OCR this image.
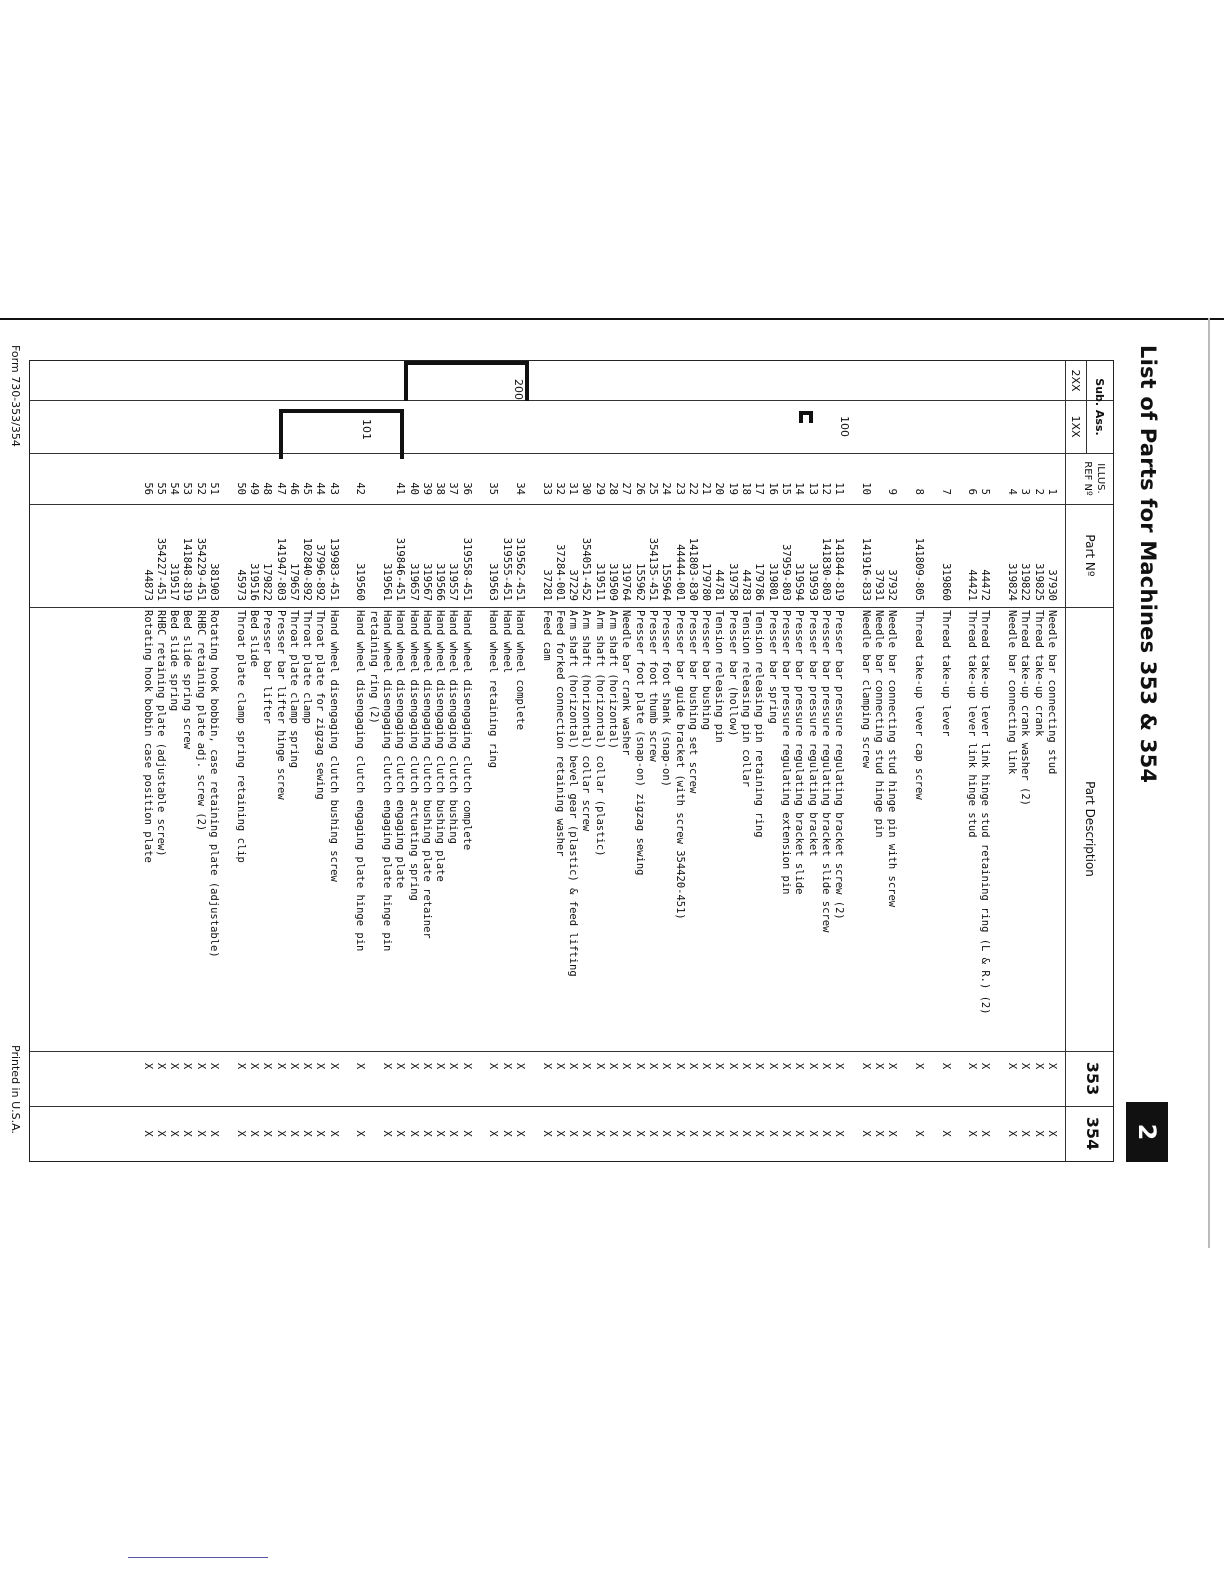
List of Parts for Machines 353 & 354
2
Sub. Ass.
2XX
1XX
ILLUS. REF Nº
Part Nº
Part Description
353
354
100
200
101
1
37930
Needle bar connecting stud
X
X
2
319825
Thread take-up crank
X
X
3
319822
Thread take-up crank washer (2)
X
X
4
319824
Needle bar connecting link
X
X
5
44472
Thread take-up lever link hinge stud retaining ring (L & R.) (2)
X
X
6
44421
Thread take-up lever link hinge stud
X
X
7
319860
Thread take-up lever
X
X
8
141809-805
Thread take-up lever cap screw
X
X
9
37932
Needle bar connecting stud hinge pin with screw
X
X
37931
Needle bar connecting stud hinge pin
X
X
10
141916-833
Needle bar clamping screw
X
X
11
141844-819
Presser bar pressure regulating bracket screw (2)
X
X
12
141830-803
Presser bar pressure regulating bracket slide screw
X
X
13
319593
Presser bar pressure regulating bracket
X
X
14
319594
Presser bar pressure regulating bracket slide
X
X
15
37959-803
Presser bar pressure regulating extension pin
X
X
16
319801
Presser bar spring
X
X
17
179786
Tension releasing pin retaining ring
X
X
18
44783
Tension releasing pin collar
X
X
19
319758
Presser bar (hollow)
X
X
20
44781
Tension releasing pin
X
X
21
179780
Presser bar bushing
X
X
22
141803-830
Presser bar bushing set screw
X
X
23
44444-001
Presser bar guide bracket (with screw 354420-451)
X
X
24
155964
Presser foot shank (snap-on)
X
X
25
354135-451
Presser foot thumb screw
X
X
26
155962
Presser foot plate (snap-on) zigzag sewing
X
X
27
319764
Needle bar crank washer
X
X
28
319509
Arm shaft (horizontal)
X
X
29
319511
Arm shaft (horizontal) collar (plastic)
X
X
30
354051-452
Arm shaft (horizontal) collar screw
X
X
31
37229
Arm shaft (horizontal) bevel gear (plastic) & feed lifting
X
X
32
37284-001
Feed forked connection retaining washer
X
X
33
37281
Feed cam
X
X
34
319562-451
Hand wheel complete
X
X
319555-451
Hand wheel
X
X
35
319563
Hand wheel retaining ring
X
X
36
319558-451
Hand wheel disengaging clutch complete
X
X
37
319557
Hand wheel disengaging clutch bushing
X
X
38
319566
Hand wheel disengaging clutch bushing plate
X
X
39
319567
Hand wheel disengaging clutch bushing plate retainer
X
X
40
319657
Hand wheel disengaging clutch actuating spring
X
X
41
319846-451
Hand wheel disengaging clutch engaging plate
X
X
319561
Hand wheel disengaging clutch engaging plate hinge pin
X
X
retaining ring (2)
42
319560
Hand wheel disengaging clutch engaging plate hinge pin
X
X
43
139983-451
Hand wheel disengaging clutch bushing screw
X
X
44
37996-892
Throat plate for zigzag sewing
X
X
45
102840-892
Throat plate clamp
X
X
46
179657
Throat plate clamp spring
X
X
47
141947-803
Presser bar lifter hinge screw
X
X
48
179822
Presser bar lifter
X
X
49
319516
Bed slide
X
X
50
45973
Throat plate clamp spring retaining clip
X
X
51
381903
Rotating hook bobbin, case retaining plate (adjustable)
X
X
52
354229-451
RHBC retaining plate adj. screw (2)
X
X
53
141848-819
Bed slide spring screw
X
X
54
319517
Bed slide spring
X
X
55
354227-451
RHBC retaining plate (adjustable screw)
X
X
56
44873
Rotating hook bobbin case position plate
X
X
Form 730-353/354
Printed in U.S.A.
